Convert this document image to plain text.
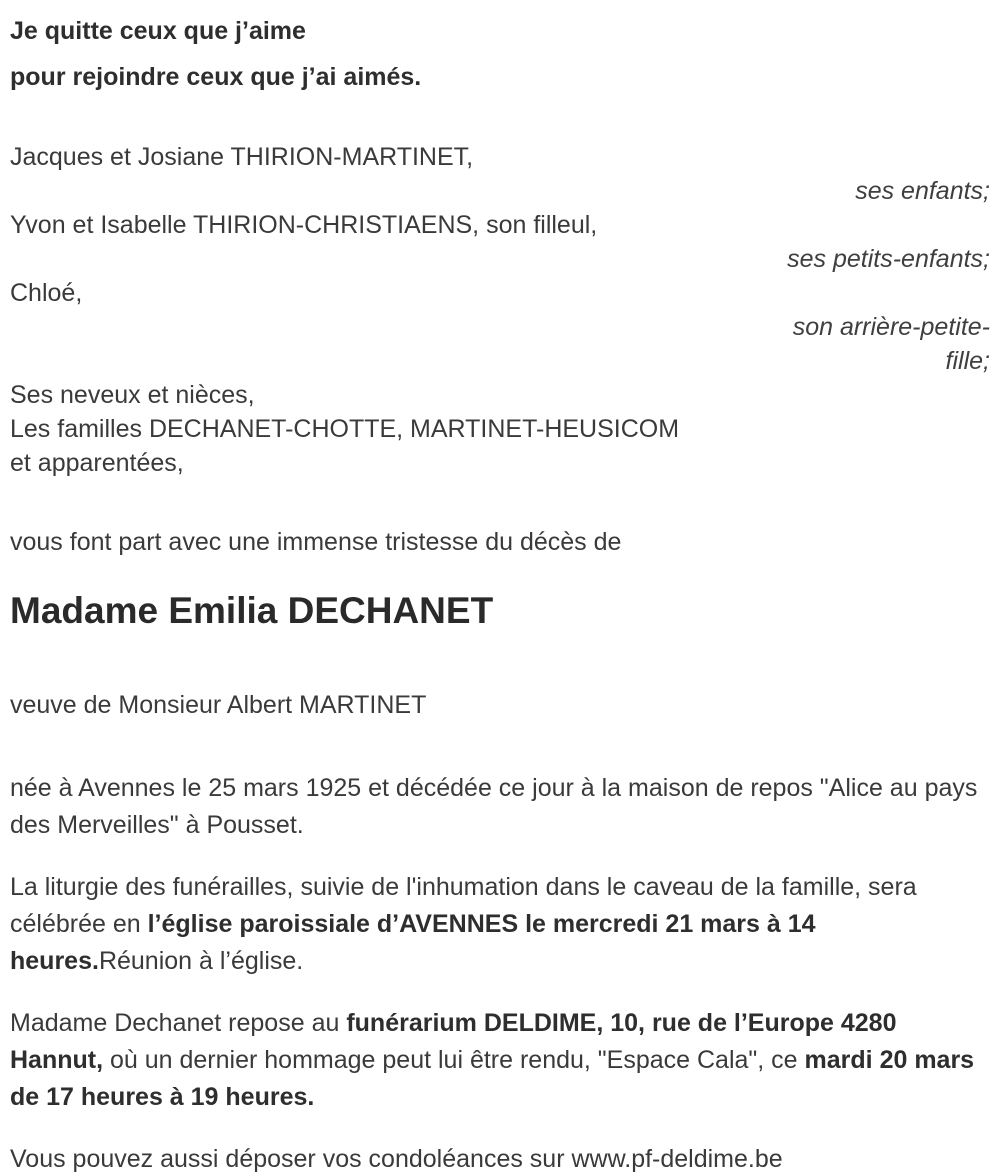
Je quitte ceux que j’aime
pour rejoindre ceux que j’ai aimés.
Jacques et Josiane THIRION-MARTINET,
ses enfants;
Yvon et Isabelle THIRION-CHRISTIAENS, son filleul,
ses petits-enfants;
Chloé,
son arrière-petite-
fille;
Ses neveux et nièces,
Les familles DECHANET-CHOTTE, MARTINET-HEUSICOM
et apparentées,
vous font part avec une immense tristesse du décès de
Madame Emilia DECHANET
veuve de Monsieur Albert MARTINET

née à Avennes le 25 mars 1925 et décédée ce jour à la maison de repos "Alice au pays des Merveilles" à Pousset.

La liturgie des funérailles, suivie de l'inhumation dans le caveau de la famille, sera célébrée en l’église paroissiale d’AVENNES le mercredi 21 mars à 14 heures.Réunion à l’église.

Madame Dechanet repose au funérarium DELDIME, 10, rue de l’Europe 4280 Hannut, où un dernier hommage peut lui être rendu, "Espace Cala", ce mardi 20 mars de 17 heures à 19 heures.

Vous pouvez aussi déposer vos condoléances sur www.pf-deldime.be
